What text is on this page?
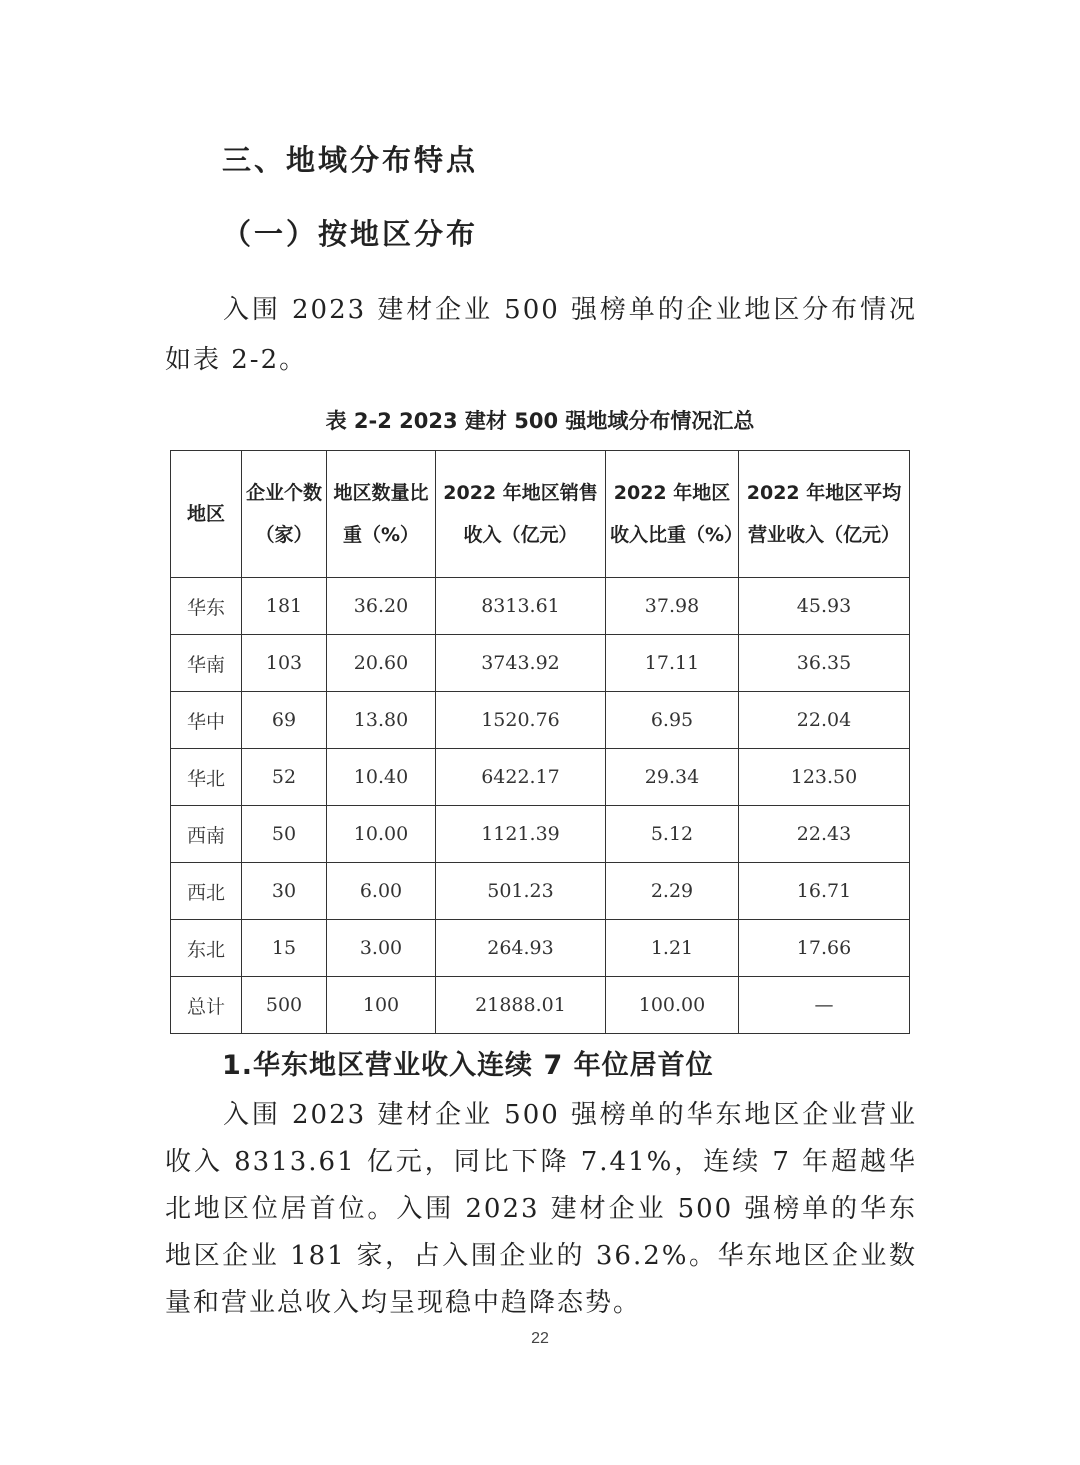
三、地域分布特点
（一）按地区分布

入围 2023 建材企业 500 强榜单的企业地区分布情况如表 2-2。

表 2-2 2023 建材 500 强地域分布情况汇总
地区	企业个数（家）	地区数量比重（%）	2022 年地区销售收入（亿元）	2022 年地区收入比重（%）	2022 年地区平均营业收入（亿元）
华东	181	36.20	8313.61	37.98	45.93
华南	103	20.60	3743.92	17.11	36.35
华中	69	13.80	1520.76	6.95	22.04
华北	52	10.40	6422.17	29.34	123.50
西南	50	10.00	1121.39	5.12	22.43
西北	30	6.00	501.23	2.29	16.71
东北	15	3.00	264.93	1.21	17.66
总计	500	100	21888.01	100.00	—
1.华东地区营业收入连续 7 年位居首位

入围 2023 建材企业 500 强榜单的华东地区企业营业收入 8313.61 亿元，同比下降 7.41%，连续 7 年超越华北地区位居首位。入围 2023 建材企业 500 强榜单的华东地区企业 181 家，占入围企业的 36.2%。华东地区企业数量和营业总收入均呈现稳中趋降态势。

22
